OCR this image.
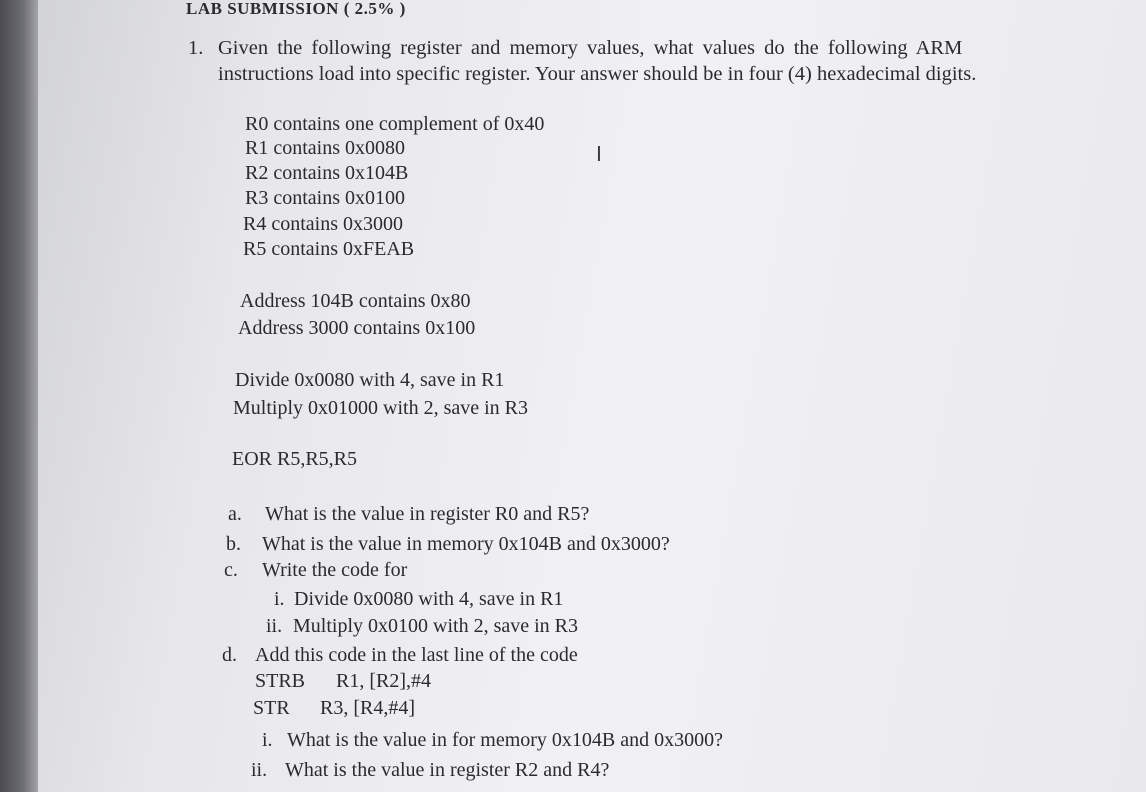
LAB SUBMISSION ( 2.5% )
1. Given the following register and memory values, what values do the following ARM
instructions load into specific register. Your answer should be in four (4) hexadecimal digits.
R0 contains one complement of 0x40
R1 contains 0x0080
R2 contains 0x104B
R3 contains 0x0100
R4 contains 0x3000
R5 contains 0xFEAB
Address 104B contains 0x80
Address 3000 contains 0x100
Divide 0x0080 with 4, save in R1
Multiply 0x01000 with 2, save in R3
EOR R5,R5,R5
a. What is the value in register R0 and R5?
b. What is the value in memory 0x104B and 0x3000?
c. Write the code for
i. Divide 0x0080 with 4, save in R1
ii. Multiply 0x0100 with 2, save in R3
d. Add this code in the last line of the code
STRB R1, [R2],#4
STR R3, [R4,#4]
i. What is the value in for memory 0x104B and 0x3000?
ii. What is the value in register R2 and R4?
I
